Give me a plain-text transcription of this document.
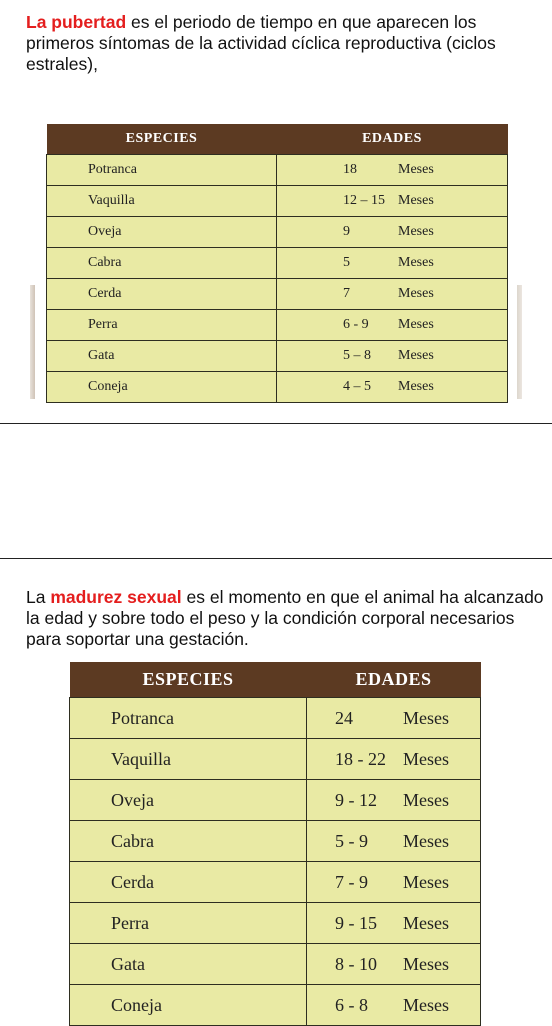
La pubertad es el periodo de tiempo en que aparecen los primeros síntomas de la actividad cíclica reproductiva (ciclos estrales),

ESPECIES	EDADES
Potranca	18 Meses
Vaquilla	12 – 15 Meses
Oveja	9 Meses
Cabra	5 Meses
Cerda	7 Meses
Perra	6 - 9 Meses
Gata	5 – 8 Meses
Coneja	4 – 5 Meses

La madurez sexual es el momento en que el animal ha alcanzado la edad y sobre todo el peso y la condición corporal necesarios para soportar una gestación.

ESPECIES	EDADES
Potranca	24 Meses
Vaquilla	18 - 22 Meses
Oveja	9 - 12 Meses
Cabra	5 - 9 Meses
Cerda	7 - 9 Meses
Perra	9 - 15 Meses
Gata	8 - 10 Meses
Coneja	6 - 8 Meses
